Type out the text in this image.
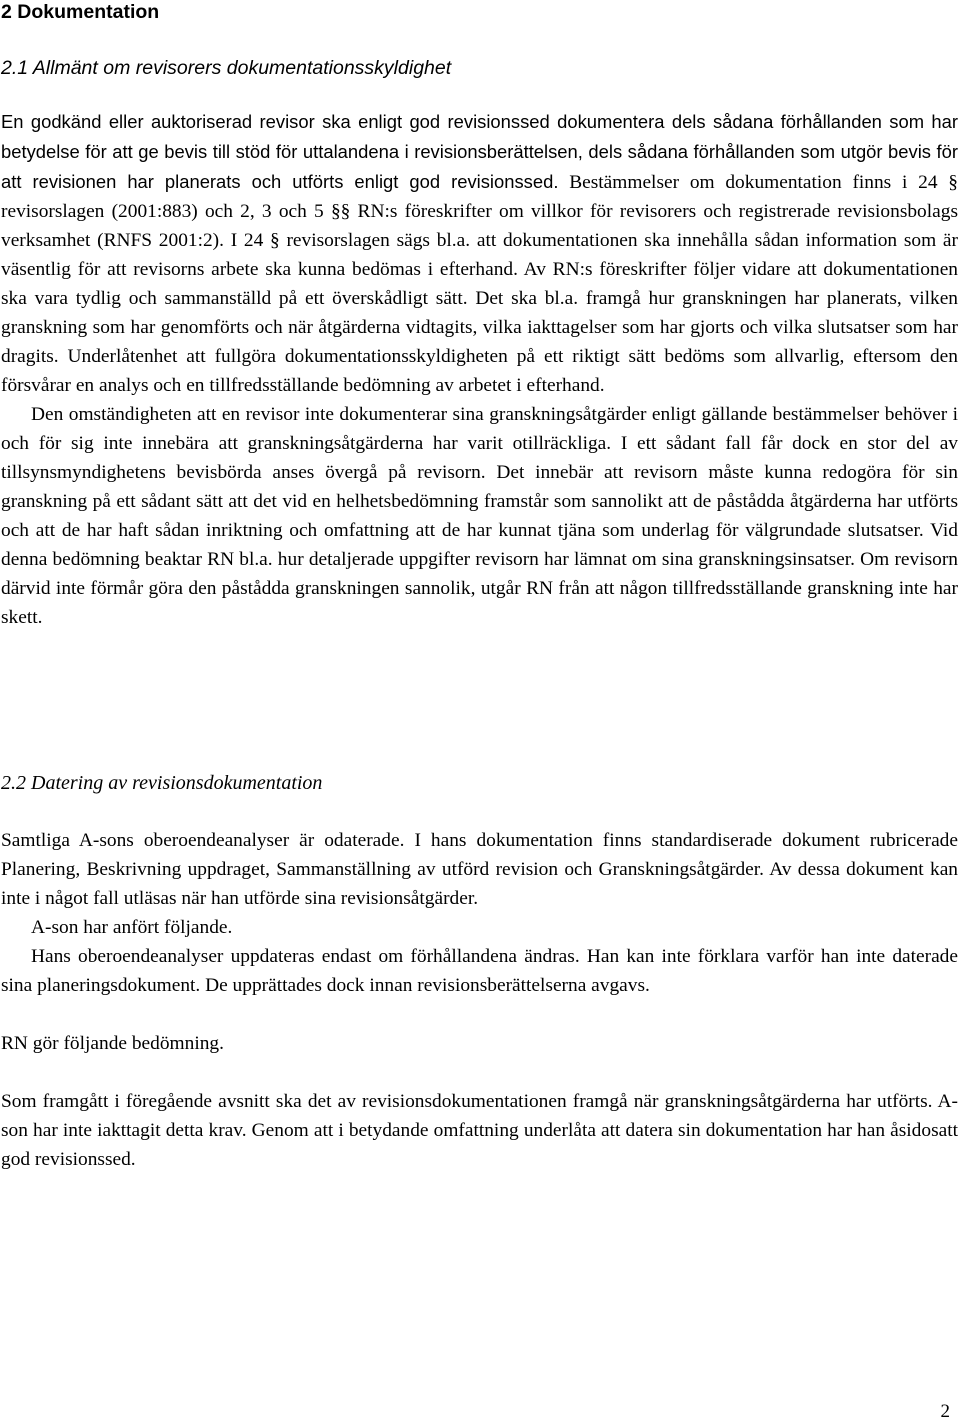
2 Dokumentation
2.1 Allmänt om revisorers dokumentationsskyldighet

En godkänd eller auktoriserad revisor ska enligt god revisionssed dokumentera dels sådana förhållanden som har betydelse för att ge bevis till stöd för uttalandena i revisionsberättelsen, dels sådana förhållanden som utgör bevis för att revisionen har planerats och utförts enligt god revisionssed. Bestämmelser om dokumentation finns i 24 § revisorslagen (2001:883) och 2, 3 och 5 §§ RN:s föreskrifter om villkor för revisorers och registrerade revisionsbolags verksamhet (RNFS 2001:2). I 24 § revisorslagen sägs bl.a. att dokumentationen ska innehålla sådan information som är väsentlig för att revisorns arbete ska kunna bedömas i efterhand. Av RN:s föreskrifter följer vidare att dokumentationen ska vara tydlig och sammanställd på ett överskådligt sätt. Det ska bl.a. framgå hur granskningen har planerats, vilken granskning som har genomförts och när åtgärderna vidtagits, vilka iakttagelser som har gjorts och vilka slutsatser som har dragits. Underlåtenhet att fullgöra dokumentationsskyldigheten på ett riktigt sätt bedöms som allvarlig, eftersom den försvårar en analys och en tillfredsställande bedömning av arbetet i efterhand.

Den omständigheten att en revisor inte dokumenterar sina granskningsåtgärder enligt gällande bestämmelser behöver i och för sig inte innebära att granskningsåtgärderna har varit otillräckliga. I ett sådant fall får dock en stor del av tillsynsmyndighetens bevisbörda anses övergå på revisorn. Det innebär att revisorn måste kunna redogöra för sin granskning på ett sådant sätt att det vid en helhetsbedömning framstår som sannolikt att de påstådda åtgärderna har utförts och att de har haft sådan inriktning och omfattning att de har kunnat tjäna som underlag för välgrundade slutsatser. Vid denna bedömning beaktar RN bl.a. hur detaljerade uppgifter revisorn har lämnat om sina granskningsinsatser. Om revisorn därvid inte förmår göra den påstådda granskningen sannolik, utgår RN från att någon tillfredsställande granskning inte har skett.

2.2 Datering av revisionsdokumentation

Samtliga A-sons oberoendeanalyser är odaterade. I hans dokumentation finns standardiserade dokument rubricerade Planering, Beskrivning uppdraget, Sammanställning av utförd revision och Granskningsåtgärder. Av dessa dokument kan inte i något fall utläsas när han utförde sina revisionsåtgärder.

A-son har anfört följande.

Hans oberoendeanalyser uppdateras endast om förhållandena ändras. Han kan inte förklara varför han inte daterade sina planeringsdokument. De upprättades dock innan revisionsberättelserna avgavs.

RN gör följande bedömning.

Som framgått i föregående avsnitt ska det av revisionsdokumentationen framgå när granskningsåtgärderna har utförts. A-son har inte iakttagit detta krav. Genom att i betydande omfattning underlåta att datera sin dokumentation har han åsidosatt god revisionssed.

2
